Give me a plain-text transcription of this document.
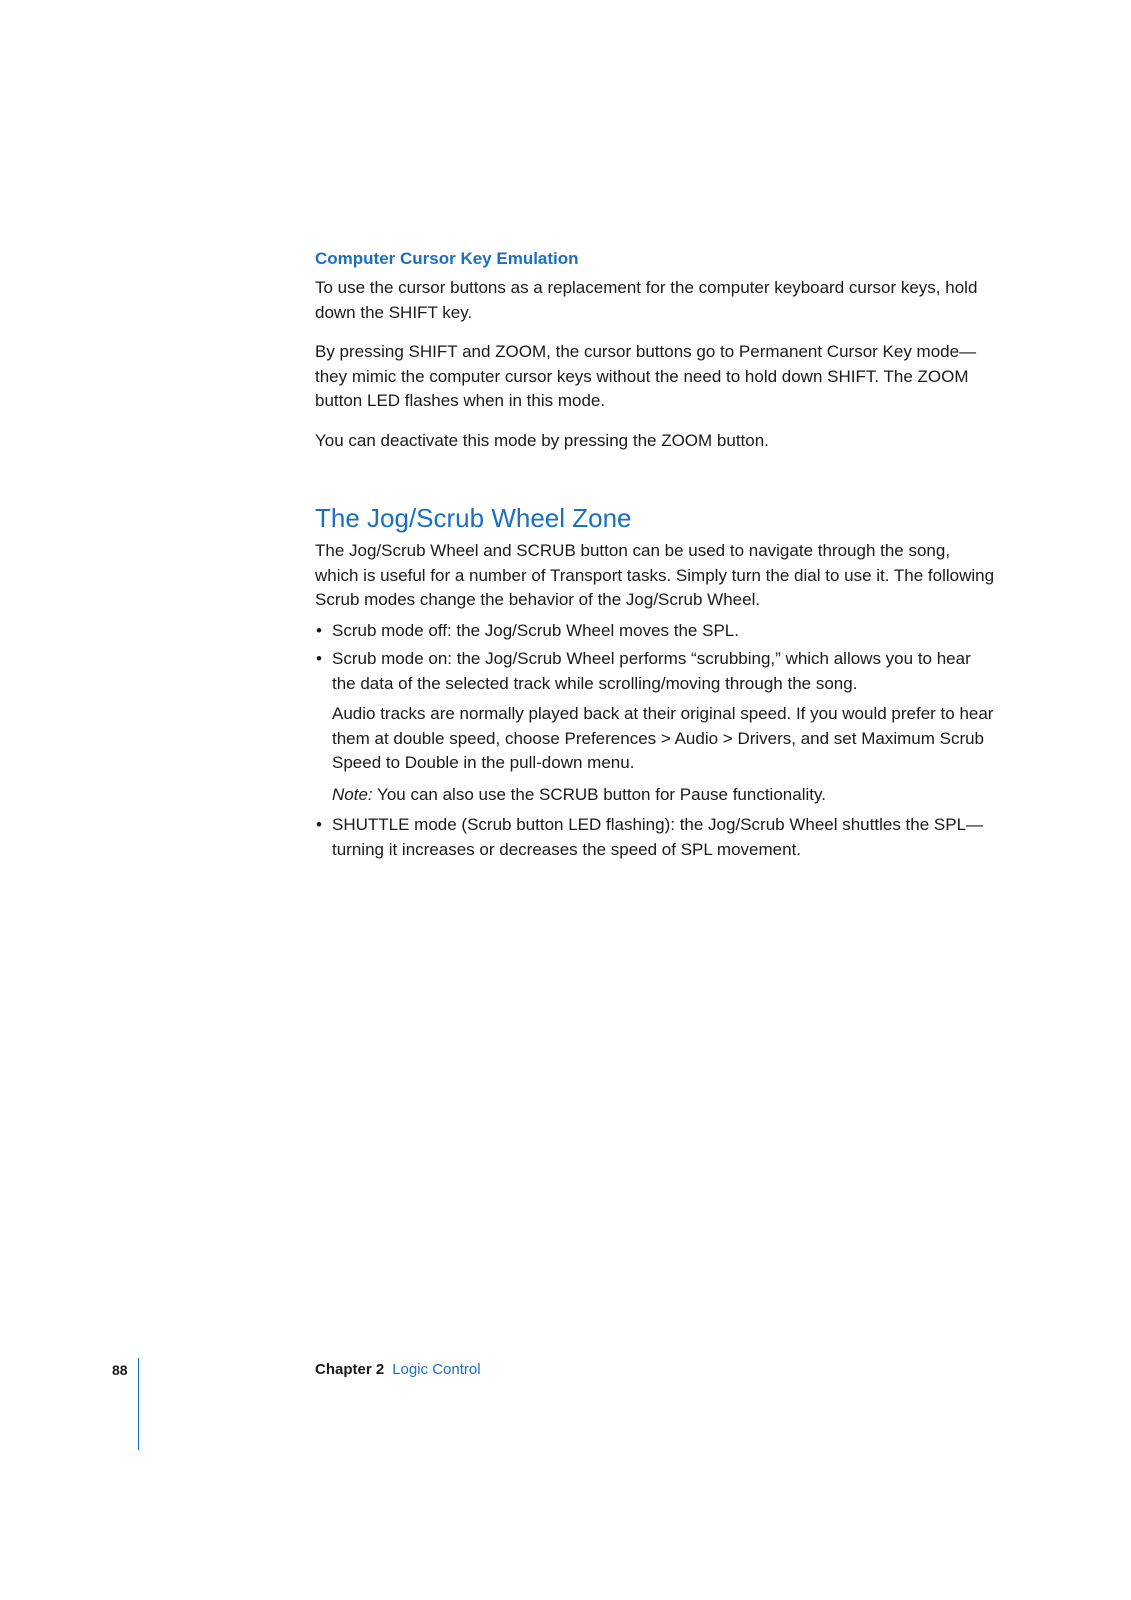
Computer Cursor Key Emulation

To use the cursor buttons as a replacement for the computer keyboard cursor keys, hold down the SHIFT key.

By pressing SHIFT and ZOOM, the cursor buttons go to Permanent Cursor Key mode—they mimic the computer cursor keys without the need to hold down SHIFT. The ZOOM button LED flashes when in this mode.

You can deactivate this mode by pressing the ZOOM button.

The Jog/Scrub Wheel Zone

The Jog/Scrub Wheel and SCRUB button can be used to navigate through the song, which is useful for a number of Transport tasks. Simply turn the dial to use it. The following Scrub modes change the behavior of the Jog/Scrub Wheel.

• Scrub mode off: the Jog/Scrub Wheel moves the SPL.

• Scrub mode on: the Jog/Scrub Wheel performs “scrubbing,” which allows you to hear the data of the selected track while scrolling/moving through the song.

Audio tracks are normally played back at their original speed. If you would prefer to hear them at double speed, choose Preferences > Audio > Drivers, and set Maximum Scrub Speed to Double in the pull-down menu.

Note: You can also use the SCRUB button for Pause functionality.

• SHUTTLE mode (Scrub button LED flashing): the Jog/Scrub Wheel shuttles the SPL—turning it increases or decreases the speed of SPL movement.

88	Chapter 2 Logic Control
